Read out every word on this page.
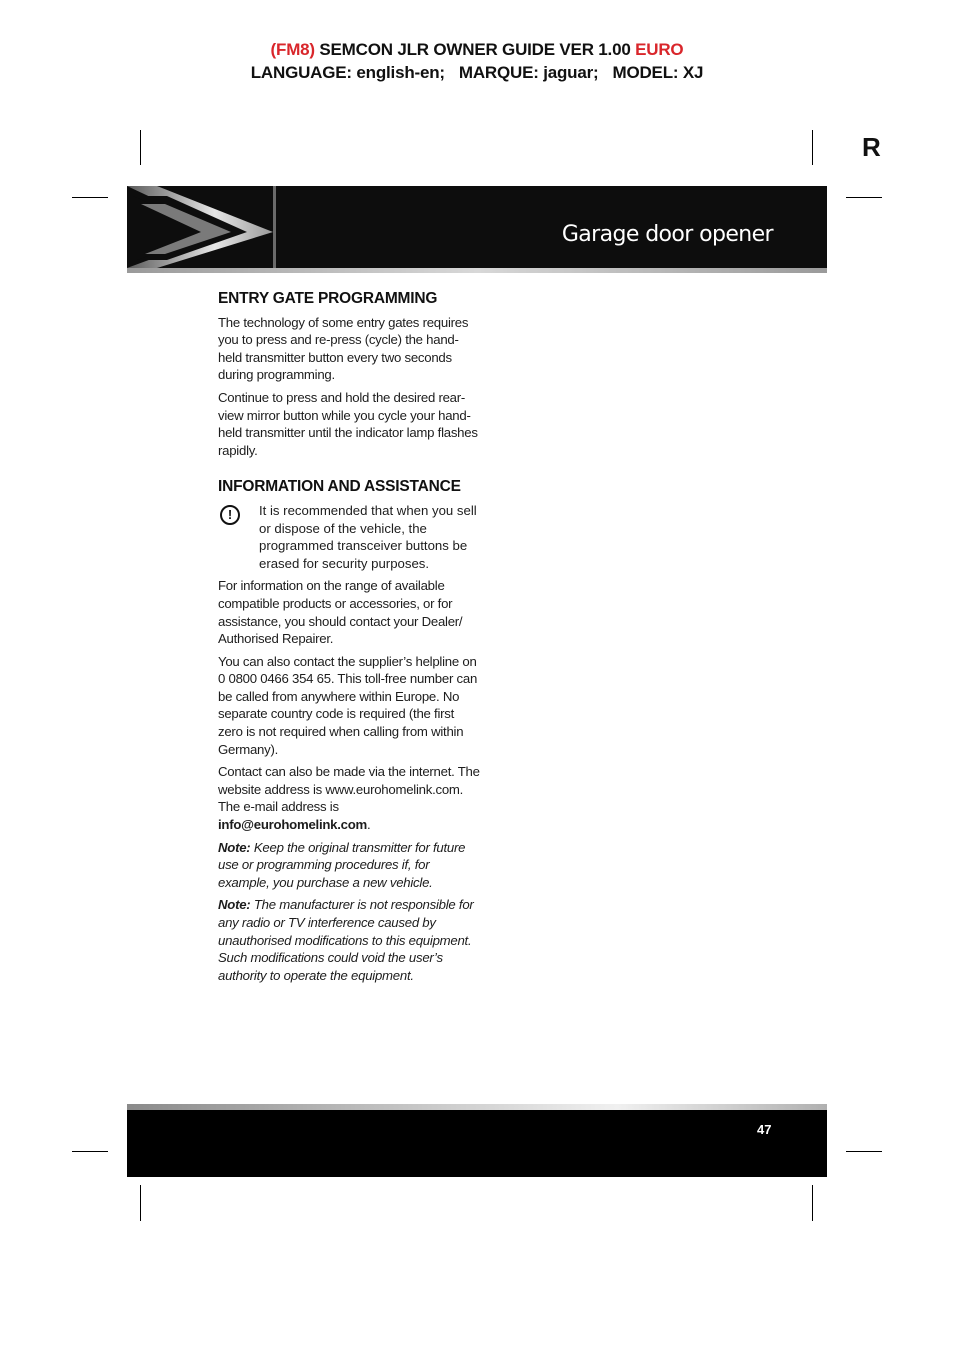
(FM8) SEMCON JLR OWNER GUIDE VER 1.00 EURO
LANGUAGE: english-en; MARQUE: jaguar; MODEL: XJ
R
Garage door opener
ENTRY GATE PROGRAMMING

The technology of some entry gates requires you to press and re-press (cycle) the hand-held transmitter button every two seconds during programming.

Continue to press and hold the desired rear-view mirror button while you cycle your hand-held transmitter until the indicator lamp flashes rapidly.

INFORMATION AND ASSISTANCE
!	It is recommended that when you sell or dispose of the vehicle, the programmed transceiver buttons be erased for security purposes.

For information on the range of available compatible products or accessories, or for assistance, you should contact your Dealer/ Authorised Repairer.

You can also contact the supplier’s helpline on 0 0800 0466 354 65. This toll-free number can be called from anywhere within Europe. No separate country code is required (the first zero is not required when calling from within Germany).

Contact can also be made via the internet. The website address is www.eurohomelink.com. The e-mail address is
info@eurohomelink.com.

Note: Keep the original transmitter for future use or programming procedures if, for example, you purchase a new vehicle.

Note: The manufacturer is not responsible for any radio or TV interference caused by unauthorised modifications to this equipment. Such modifications could void the user’s authority to operate the equipment.

47
